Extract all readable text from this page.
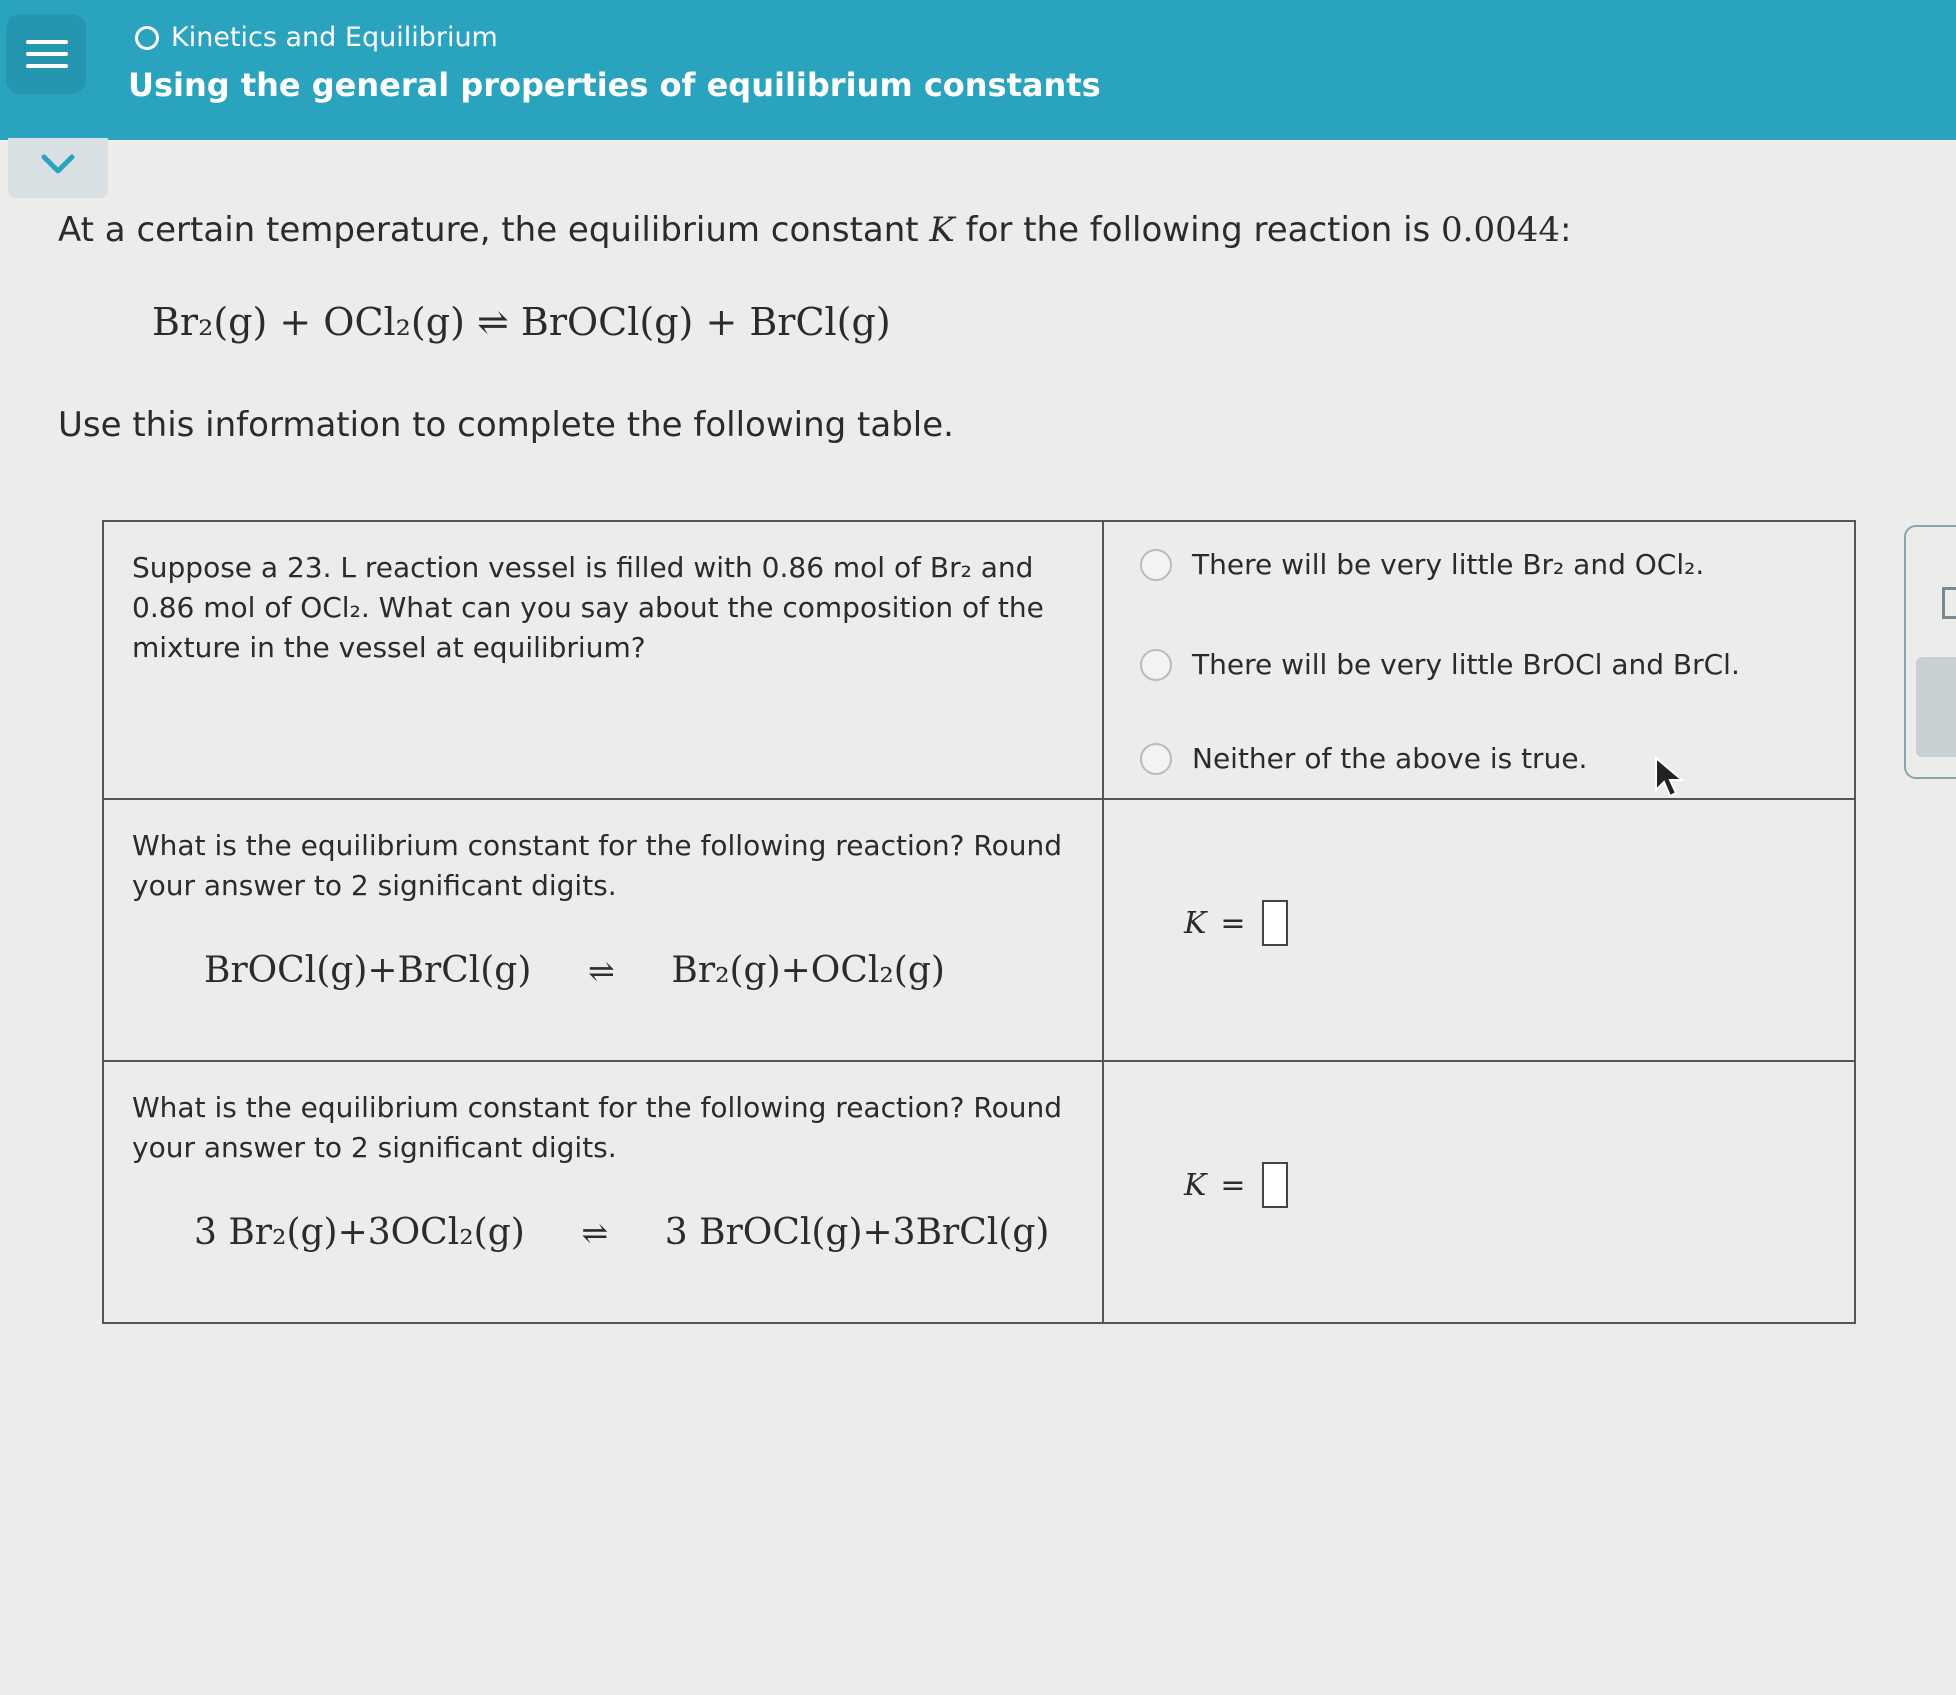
Kinetics and Equilibrium
Using the general properties of equilibrium constants
At a certain temperature, the equilibrium constant K for the following reaction is 0.0044:
Br₂(g) + OCl₂(g) ⇌ BrOCl(g) + BrCl(g)
Use this information to complete the following table.
Suppose a 23. L reaction vessel is filled with 0.86 mol of Br₂ and 0.86 mol of OCl₂. What can you say about the composition of the mixture in the vessel at equilibrium?
There will be very little Br₂ and OCl₂.
There will be very little BrOCl and BrCl.
Neither of the above is true.
What is the equilibrium constant for the following reaction? Round your answer to 2 significant digits.
BrOCl(g)+BrCl(g) ⇌ Br₂(g)+OCl₂(g)
K =
What is the equilibrium constant for the following reaction? Round your answer to 2 significant digits.
3 Br₂(g)+3OCl₂(g) ⇌ 3 BrOCl(g)+3BrCl(g)
K =
